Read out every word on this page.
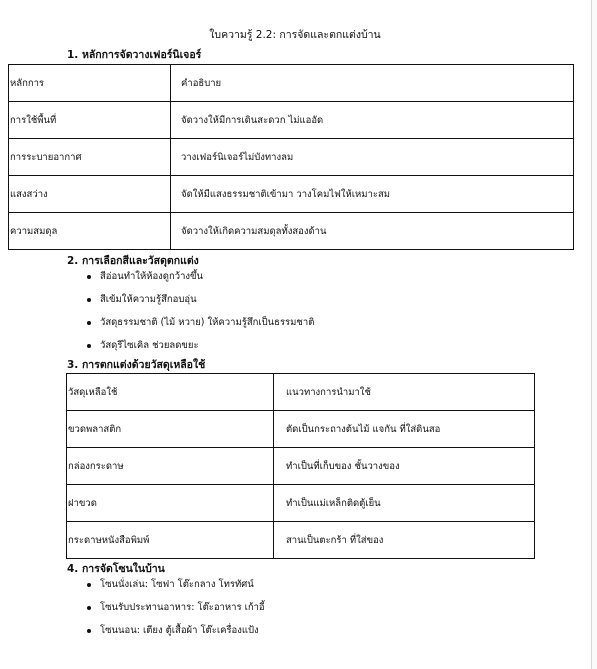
ใบความรู้ 2.2: การจัดและตกแต่งบ้าน
1. หลักการจัดวางเฟอร์นิเจอร์
หลักการ	คำอธิบาย
การใช้พื้นที่	จัดวางให้มีการเดินสะดวก ไม่แออัด
การระบายอากาศ	วางเฟอร์นิเจอร์ไม่บังทางลม
แสงสว่าง	จัดให้มีแสงธรรมชาติเข้ามา วางโคมไฟให้เหมาะสม
ความสมดุล	จัดวางให้เกิดความสมดุลทั้งสองด้าน
2. การเลือกสีและวัสดุตกแต่ง
สีอ่อนทำให้ห้องดูกว้างขึ้น
สีเข้มให้ความรู้สึกอบอุ่น
วัสดุธรรมชาติ (ไม้ หวาย) ให้ความรู้สึกเป็นธรรมชาติ
วัสดุรีไซเคิล ช่วยลดขยะ
3. การตกแต่งด้วยวัสดุเหลือใช้
วัสดุเหลือใช้	แนวทางการนำมาใช้
ขวดพลาสติก	ตัดเป็นกระถางต้นไม้ แจกัน ที่ใส่ดินสอ
กล่องกระดาษ	ทำเป็นที่เก็บของ ชั้นวางของ
ฝาขวด	ทำเป็นแม่เหล็กติดตู้เย็น
กระดาษหนังสือพิมพ์	สานเป็นตะกร้า ที่ใส่ของ
4. การจัดโซนในบ้าน
โซนนั่งเล่น: โซฟา โต๊ะกลาง โทรทัศน์
โซนรับประทานอาหาร: โต๊ะอาหาร เก้าอี้
โซนนอน: เตียง ตู้เสื้อผ้า โต๊ะเครื่องแป้ง
